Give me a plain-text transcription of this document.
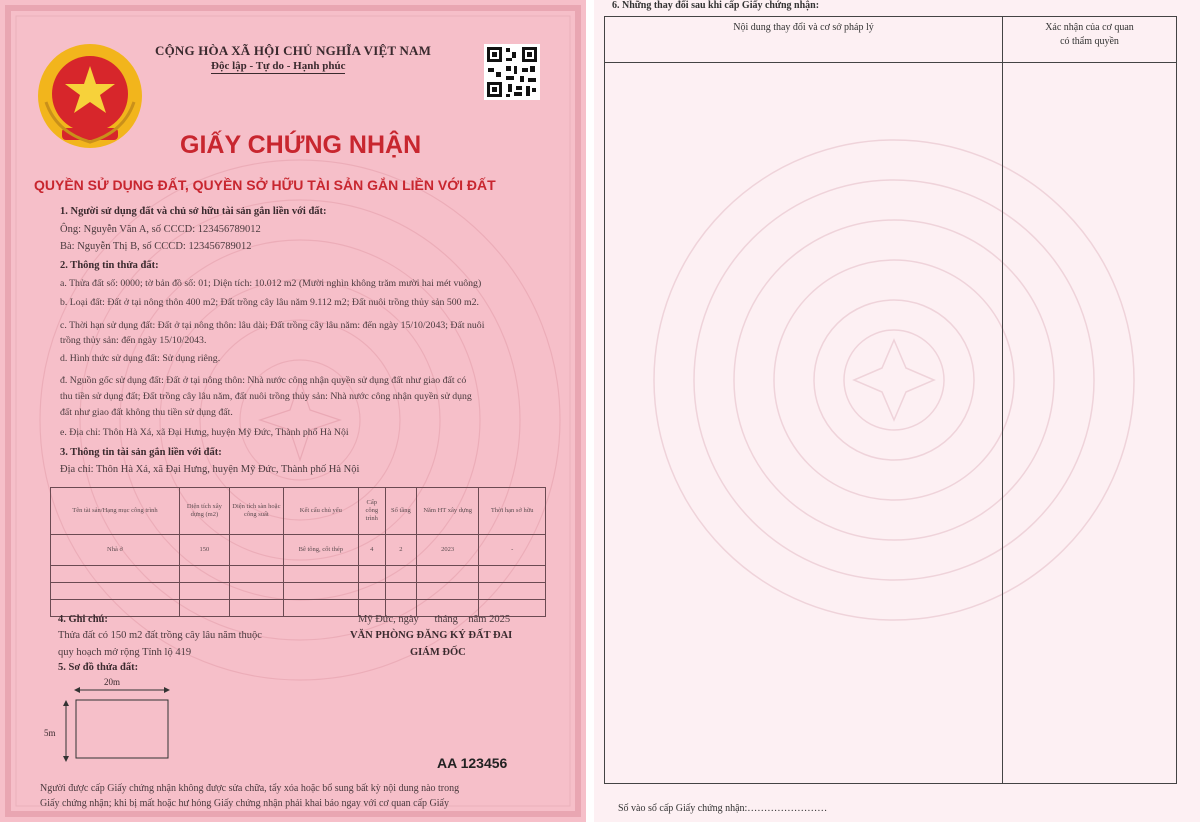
CỘNG HÒA XÃ HỘI CHỦ NGHĨA VIỆT NAM
Độc lập - Tự do - Hạnh phúc
GIẤY CHỨNG NHẬN
QUYỀN SỬ DỤNG ĐẤT, QUYỀN SỞ HỮU TÀI SẢN GẮN LIỀN VỚI ĐẤT
1. Người sử dụng đất và chủ sở hữu tài sản gắn liền với đất:
Ông: Nguyễn Văn A, số CCCD: 123456789012
Bà: Nguyễn Thị B, số CCCD: 123456789012
2. Thông tin thửa đất:
a. Thửa đất số: 0000; tờ bản đồ số: 01; Diện tích: 10.012 m2 (Mười nghìn không trăm mười hai mét vuông)
b. Loại đất: Đất ở tại nông thôn 400 m2; Đất trồng cây lâu năm 9.112 m2; Đất nuôi trồng thủy sản 500 m2.
c. Thời hạn sử dụng đất: Đất ở tại nông thôn: lâu dài; Đất trồng cây lâu năm: đến ngày 15/10/2043; Đất nuôi
trồng thủy sản: đến ngày 15/10/2043.
d. Hình thức sử dụng đất: Sử dụng riêng.
đ. Nguồn gốc sử dụng đất: Đất ở tại nông thôn: Nhà nước công nhận quyền sử dụng đất như giao đất có
thu tiền sử dụng đất; Đất trồng cây lâu năm, đất nuôi trồng thủy sản: Nhà nước công nhận quyền sử dụng
đất như giao đất không thu tiền sử dụng đất.
e. Địa chỉ: Thôn Hà Xá, xã Đại Hưng, huyện Mỹ Đức, Thành phố Hà Nội
3. Thông tin tài sản gắn liền với đất:
Địa chỉ: Thôn Hà Xá, xã Đại Hưng, huyện Mỹ Đức, Thành phố Hà Nội
Tên tài sản/Hạng mục công trình	Diện tích xây dựng (m2)	Diện tích sàn hoặc công suất	Kết cấu chủ yếu	Cấp công trình	Số tầng	Năm HT xây dựng	Thời hạn sở hữu
Nhà ở	150		Bê tông, cốt thép	4	2	2023	-

4. Ghi chú:
Thửa đất có 150 m2 đất trồng cây lâu năm thuộc
quy hoạch mở rộng Tỉnh lộ 419
Mỹ Đức, ngày      tháng    năm 2025
VĂN PHÒNG ĐĂNG KÝ ĐẤT ĐAI
GIÁM ĐỐC
5. Sơ đồ thửa đất:
20m
5m
AA 123456
Người được cấp Giấy chứng nhận không được sửa chữa, tẩy xóa hoặc bổ sung bất kỳ nội dung nào trong
Giấy chứng nhận; khi bị mất hoặc hư hỏng Giấy chứng nhận phải khai báo ngay với cơ quan cấp Giấy
6. Những thay đổi sau khi cấp Giấy chứng nhận:
Nội dung thay đổi và cơ sở pháp lý	Xác nhận của cơ quan
có thẩm quyền

Số vào sổ cấp Giấy chứng nhận:……………………
